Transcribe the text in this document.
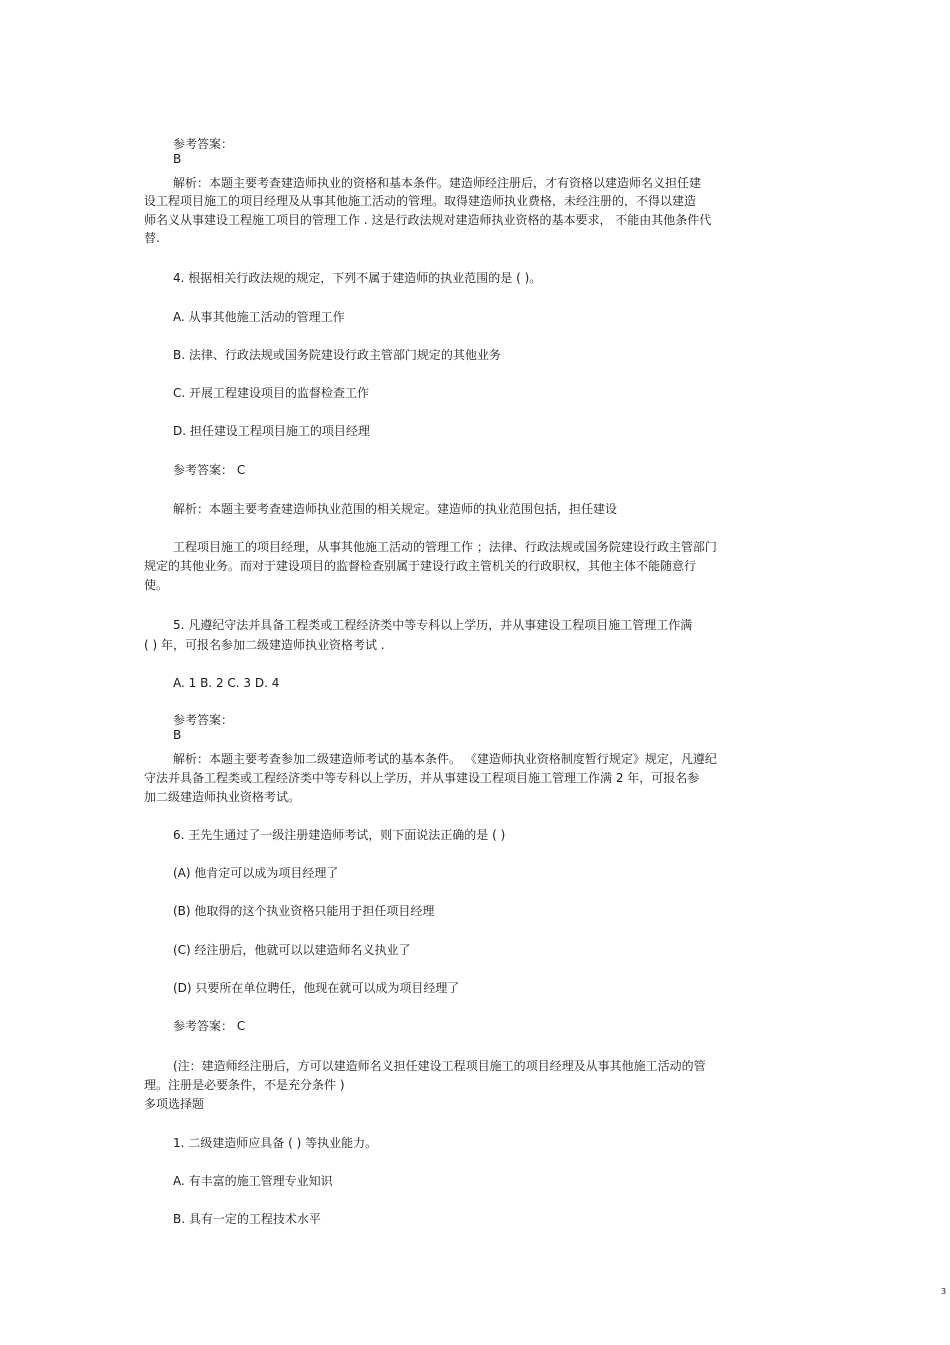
参考答案：
B
解析：本题主要考查建造师执业的资格和基本条件。建造师经注册后，才有资格以建造师名义担任建
设工程项目施工的项目经理及从事其他施工活动的管理。取得建造师执业费格，未经注册的，不得以建造
师名义从事建设工程施工项目的管理工作 . 这是行政法规对建造师执业资格的基本要求， 不能由其他条件代
替.
4. 根据相关行政法规的规定，下列不属于建造师的执业范围的是 ( )。
A. 从事其他施工活动的管理工作
B. 法律、行政法规或国务院建设行政主管部门规定的其他业务
C. 开展工程建设项目的监督检查工作
D. 担任建设工程项目施工的项目经理
参考答案： C
解析：本题主要考查建造师执业范围的相关规定。建造师的执业范围包括，担任建设
工程项目施工的项目经理，从事其他施工活动的管理工作 ；法律、行政法规或国务院建设行政主管部门
规定的其他业务。而对于建设项目的监督检查别属于建设行政主管机关的行政职权，其他主体不能随意行
使。
5. 凡遵纪守法并具备工程类或工程经济类中等专科以上学历，并从事建设工程项目施工管理工作满
( ) 年，可报名参加二级建造师执业资格考试 .
A. 1 B. 2 C. 3 D. 4
参考答案：
B
解析：本题主要考查参加二级建造师考试的基本条件。 《建造师执业资格制度暂行规定》规定，凡遵纪
守法并具备工程类或工程经济类中等专科以上学历，并从事建设工程项目施工管理工作满 2 年，可报名参
加二级建造师执业资格考试。
6. 王先生通过了一级注册建造师考试，则下面说法正确的是 ( )
(A) 他肯定可以成为项目经理了
(B) 他取得的这个执业资格只能用于担任项目经理
(C) 经注册后，他就可以以建造师名义执业了
(D) 只要所在单位聘任，他现在就可以成为项目经理了
参考答案： C
(注：建造师经注册后，方可以建造师名义担任建设工程项目施工的项目经理及从事其他施工活动的管
理。注册是必要条件，不是充分条件 )
多项选择题
1. 二级建造师应具备 ( ) 等执业能力。
A. 有丰富的施工管理专业知识
B. 具有一定的工程技术水平
3
